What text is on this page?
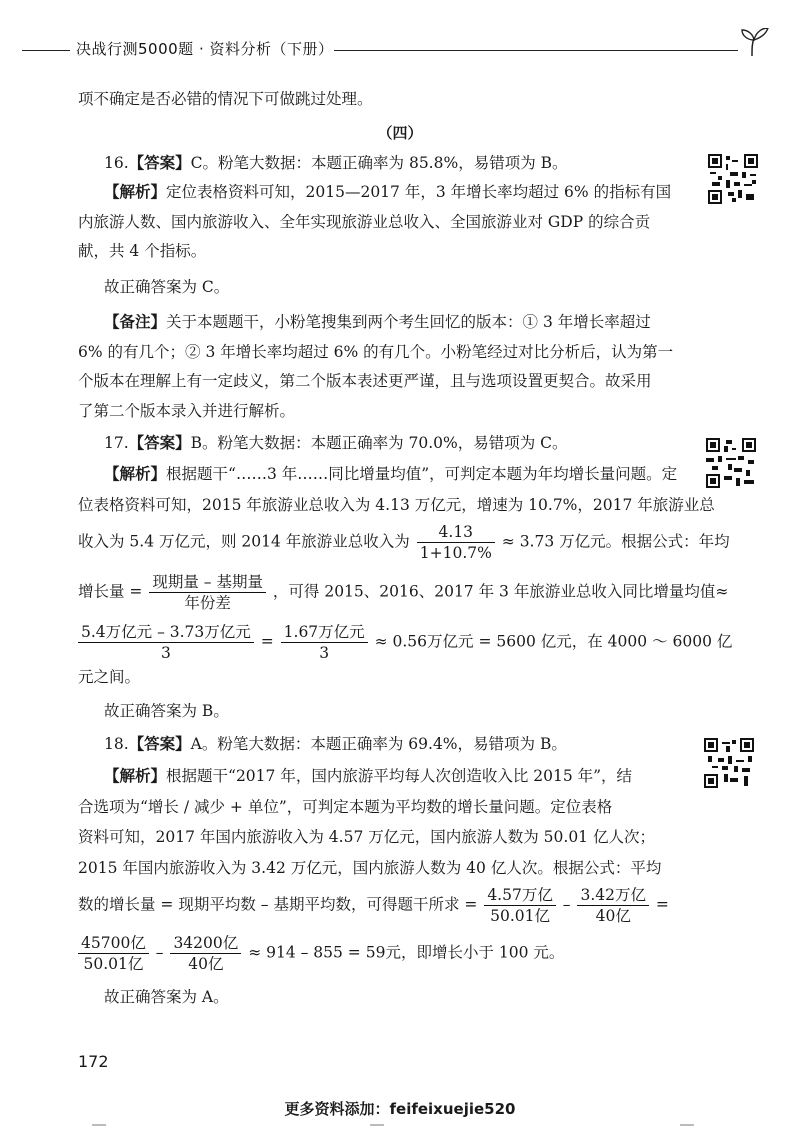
决战行测5000题 · 资料分析（下册）
项不确定是否必错的情况下可做跳过处理。
（四）
16.【答案】C。粉笔大数据：本题正确率为 85.8%，易错项为 B。
【解析】定位表格资料可知，2015—2017 年，3 年增长率均超过 6% 的指标有国
内旅游人数、国内旅游收入、全年实现旅游业总收入、全国旅游业对 GDP 的综合贡
献，共 4 个指标。
故正确答案为 C。
【备注】关于本题题干，小粉笔搜集到两个考生回忆的版本：① 3 年增长率超过
6% 的有几个；② 3 年增长率均超过 6% 的有几个。小粉笔经过对比分析后，认为第一
个版本在理解上有一定歧义，第二个版本表述更严谨，且与选项设置更契合。故采用
了第二个版本录入并进行解析。
17.【答案】B。粉笔大数据：本题正确率为 70.0%，易错项为 C。
【解析】根据题干“……3 年……同比增量均值”，可判定本题为年均增长量问题。定
位表格资料可知，2015 年旅游业总收入为 4.13 万亿元，增速为 10.7%，2017 年旅游业总
收入为 5.4 万亿元，则 2014 年旅游业总收入为 $\frac{4.13}{1+10.7\%} \approx 3.73$ 万亿元。根据公式：年均
增长量 = $\frac{\text{现期量 – 基期量}}{\text{年份差}}$ ，可得 2015、2016、2017 年 3 年旅游业总收入同比增量均值≈
$\frac{\text{5.4万亿元 – 3.73万亿元}}{3} = \frac{\text{1.67万亿元}}{3} \approx 0.56$万亿元 = 5600 亿元，在 4000 ～ 6000 亿
元之间。
故正确答案为 B。
18.【答案】A。粉笔大数据：本题正确率为 69.4%，易错项为 B。
【解析】根据题干“2017 年，国内旅游平均每人次创造收入比 2015 年”，结
合选项为“增长 / 减少 + 单位”，可判定本题为平均数的增长量问题。定位表格
资料可知，2017 年国内旅游收入为 4.57 万亿元，国内旅游人数为 50.01 亿人次；
2015 年国内旅游收入为 3.42 万亿元，国内旅游人数为 40 亿人次。根据公式：平均
数的增长量 = 现期平均数 – 基期平均数，可得题干所求 = $\frac{\text{4.57万亿}}{\text{50.01亿}} - \frac{\text{3.42万亿}}{\text{40亿}}$ =
$\frac{\text{45700亿}}{\text{50.01亿}} - \frac{\text{34200亿}}{\text{40亿}} \approx 914 - 855 = 59$元，即增长小于 100 元。
故正确答案为 A。
172
更多资料添加：feifeixuejie520
